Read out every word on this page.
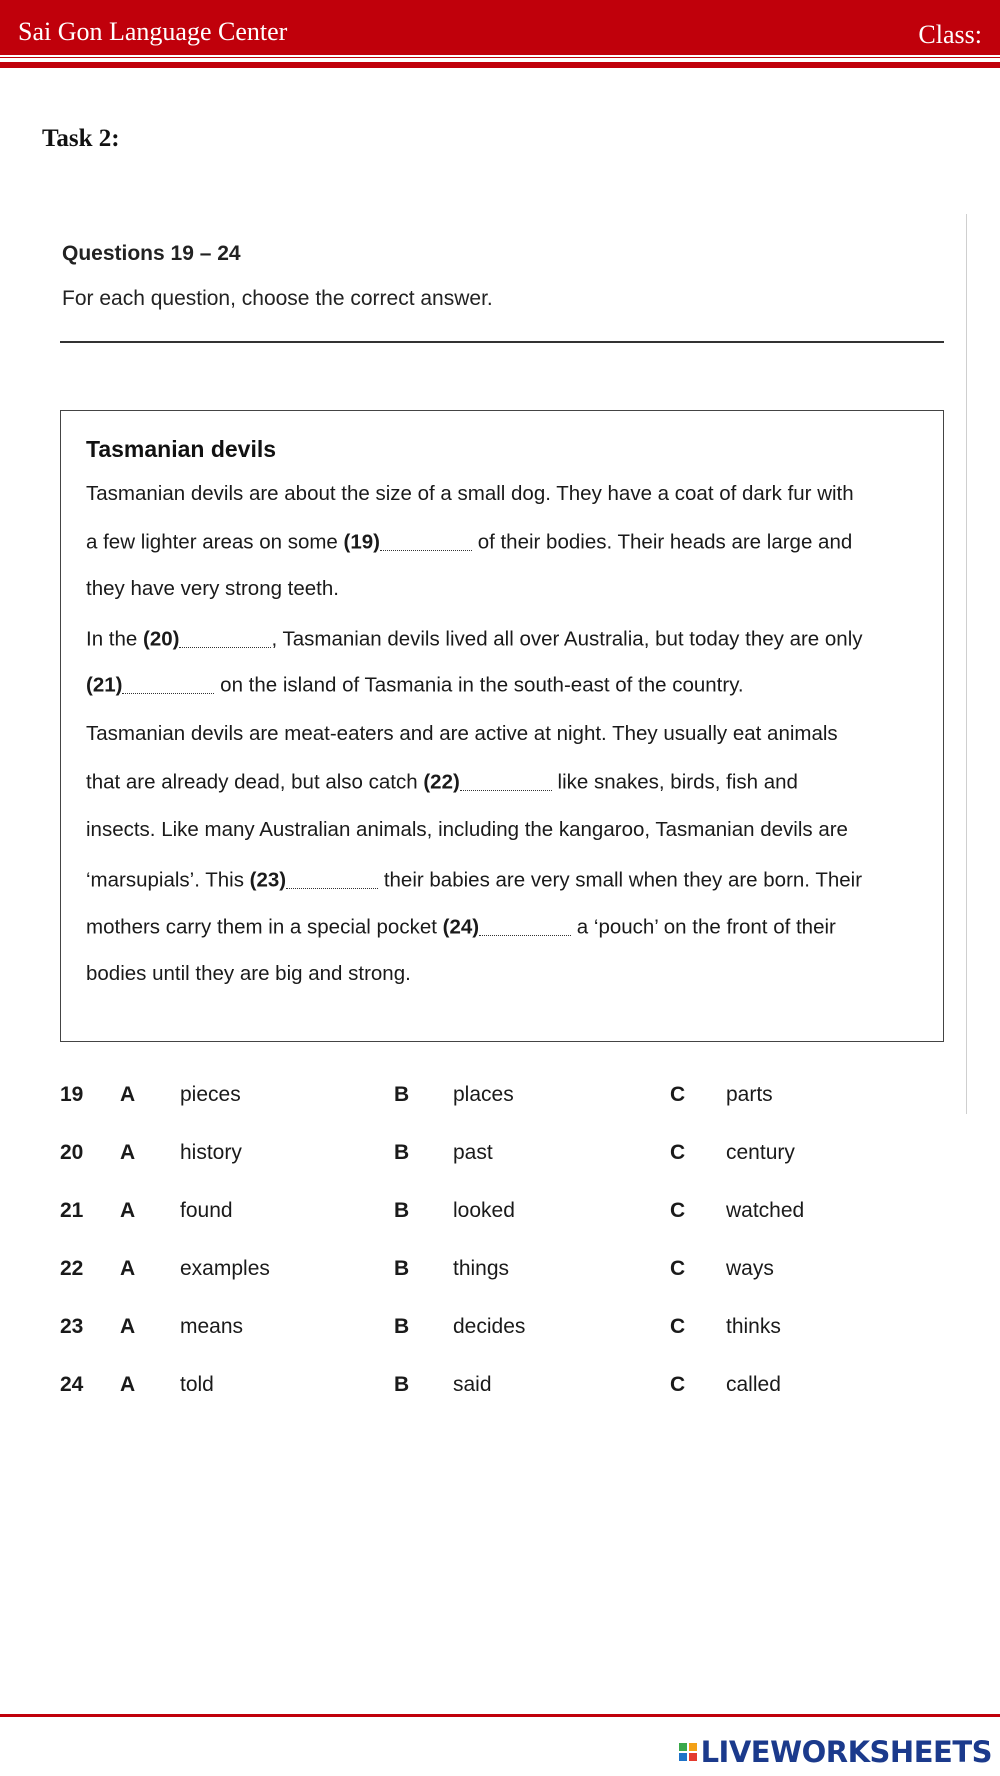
Sai Gon Language Center	Class:
Task 2:
Questions 19 – 24
For each question, choose the correct answer.
Tasmanian devils
Tasmanian devils are about the size of a small dog. They have a coat of dark fur with
a few lighter areas on some (19)	of their bodies. Their heads are large and
they have very strong teeth.
In the (20)	, Tasmanian devils lived all over Australia, but today they are only
(21)	on the island of Tasmania in the south-east of the country.
Tasmanian devils are meat-eaters and are active at night. They usually eat animals
that are already dead, but also catch (22)	like snakes, birds, fish and
insects. Like many Australian animals, including the kangaroo, Tasmanian devils are
‘marsupials’. This (23)	their babies are very small when they are born. Their
mothers carry them in a special pocket (24)	a ‘pouch’ on the front of their
bodies until they are big and strong.
19 A pieces	B places	C parts
20 A history	B past	C century
21 A found	B looked	C watched
22 A examples	B things	C ways
23 A means	B decides	C thinks
24 A told	B said	C called
LIVEWORKSHEETS
